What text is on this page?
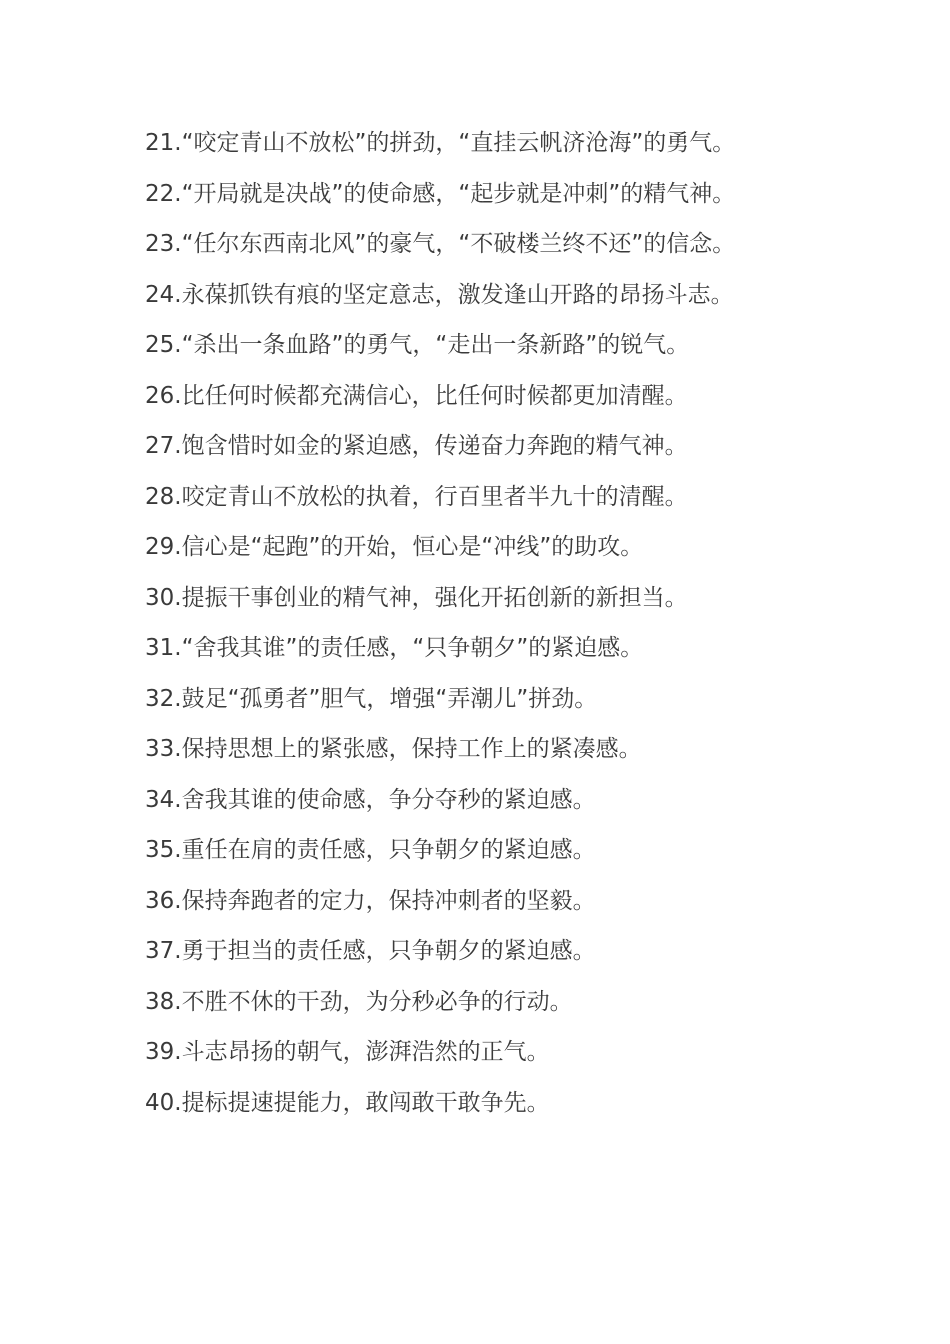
21.“咬定青山不放松”的拼劲，“直挂云帆济沧海”的勇气。
22.“开局就是决战”的使命感，“起步就是冲刺”的精气神。
23.“任尔东西南北风”的豪气，“不破楼兰终不还”的信念。
24.永葆抓铁有痕的坚定意志，激发逢山开路的昂扬斗志。
25.“杀出一条血路”的勇气，“走出一条新路”的锐气。
26.比任何时候都充满信心，比任何时候都更加清醒。
27.饱含惜时如金的紧迫感，传递奋力奔跑的精气神。
28.咬定青山不放松的执着，行百里者半九十的清醒。
29.信心是“起跑”的开始，恒心是“冲线”的助攻。
30.提振干事创业的精气神，强化开拓创新的新担当。
31.“舍我其谁”的责任感，“只争朝夕”的紧迫感。
32.鼓足“孤勇者”胆气，增强“弄潮儿”拼劲。
33.保持思想上的紧张感，保持工作上的紧凑感。
34.舍我其谁的使命感，争分夺秒的紧迫感。
35.重任在肩的责任感，只争朝夕的紧迫感。
36.保持奔跑者的定力，保持冲刺者的坚毅。
37.勇于担当的责任感，只争朝夕的紧迫感。
38.不胜不休的干劲，为分秒必争的行动。
39.斗志昂扬的朝气，澎湃浩然的正气。
40.提标提速提能力，敢闯敢干敢争先。
